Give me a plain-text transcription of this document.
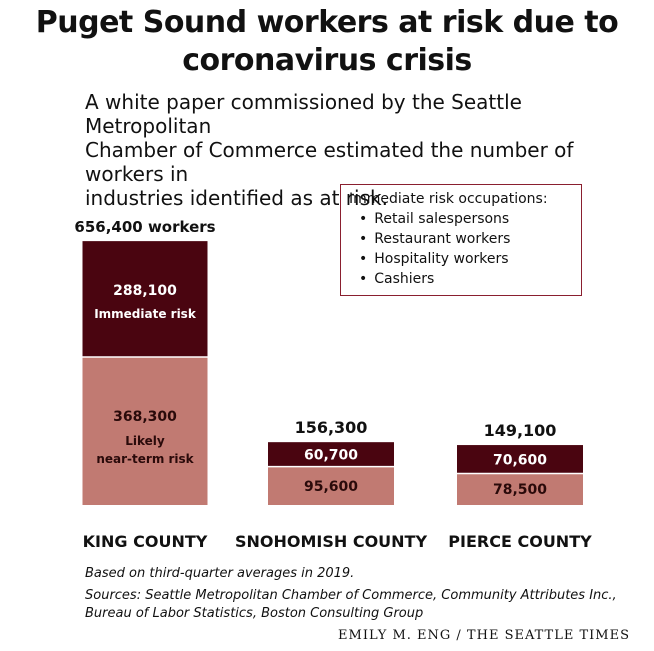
Puget Sound workers at risk due to
coronavirus crisis
A white paper commissioned by the Seattle Metropolitan
Chamber of Commerce estimated the number of workers in
industries identified as at risk.
656,400 workers
KING COUNTY
288,100
Immediate risk
368,300
Likely
near-term risk
156,300
SNOHOMISH COUNTY
60,700
95,600
149,100
PIERCE COUNTY
70,600
78,500
Immediate risk occupations:
• Retail salespersons
• Restaurant workers
• Hospitality workers
• Cashiers
Based on third-quarter averages in 2019.
Sources: Seattle Metropolitan Chamber of Commerce, Community Attributes Inc.,
Bureau of Labor Statistics, Boston Consulting Group
EMILY M. ENG / THE SEATTLE TIMES
